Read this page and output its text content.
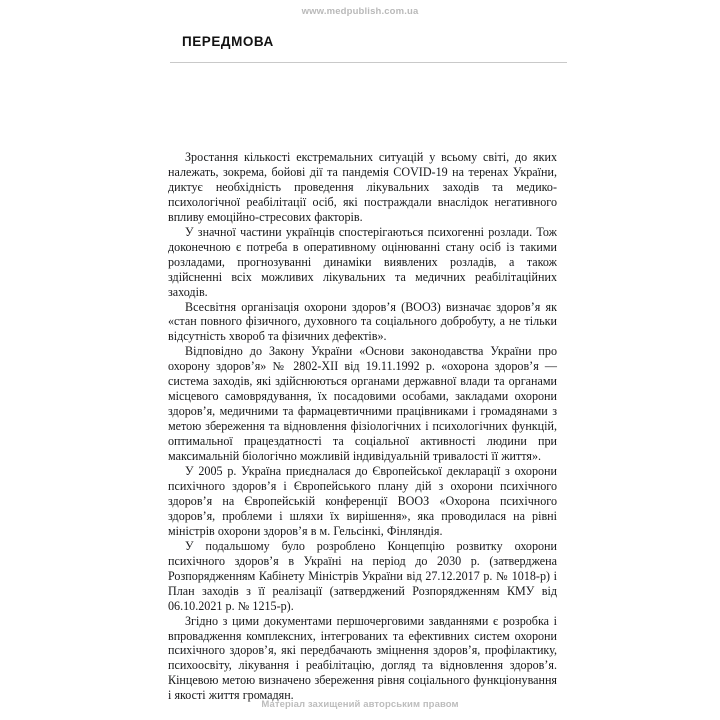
www.medpublish.com.ua
ПЕРЕДМОВА

Зростання кількості екстремальних ситуацій у всьому світі, до яких належать, зокрема, бойові дії та пандемія COVID-19 на теренах України, диктує необхідність проведення лікувальних заходів та медико-психологічної реабілітації осіб, які постраждали внаслідок негативного впливу емоційно-стресових факторів.

У значної частини українців спостерігаються психогенні розлади. Тож доконечною є потреба в оперативному оцінюванні стану осіб із такими розладами, прогнозуванні динаміки виявлених розладів, а також здійсненні всіх можливих лікувальних та медичних реабілітаційних заходів.

Всесвітня організація охорони здоров’я (ВООЗ) визначає здоров’я як «стан повного фізичного, духовного та соціального добробуту, а не тільки відсутність хвороб та фізичних дефектів».

Відповідно до Закону України «Основи законодавства України про охорону здоров’я» № 2802-XII від 19.11.1992 р. «охорона здоров’я — система заходів, які здійснюються органами державної влади та органами місцевого самоврядування, їх посадовими особами, закладами охорони здоров’я, медичними та фармацевтичними працівниками і громадянами з метою збереження та відновлення фізіологічних і психологічних функцій, оптимальної працездатності та соціальної активності людини при максимальній біологічно можливій індивідуальній тривалості її життя».

У 2005 р. Україна приєдналася до Європейської декларації з охорони психічного здоров’я і Європейського плану дій з охорони психічного здоров’я на Європейській конференції ВООЗ «Охорона психічного здоров’я, проблеми і шляхи їх вирішення», яка проводилася на рівні міністрів охорони здоров’я в м. Гельсінкі, Фінляндія.

У подальшому було розроблено Концепцію розвитку охорони психічного здоров’я в Україні на період до 2030 р. (затверджена Розпорядженням Кабінету Міністрів України від 27.12.2017 р. № 1018-р) і План заходів з її реалізації (затверджений Розпорядженням КМУ від 06.10.2021 р. № 1215-р).

Згідно з цими документами першочерговими завданнями є розробка і впровадження комплексних, інтегрованих та ефективних систем охорони психічного здоров’я, які передбачають зміцнення здоров’я, профілактику, психоосвіту, лікування і реабілітацію, догляд та відновлення здоров’я. Кінцевою метою визначено збереження рівня соціального функціонування і якості життя громадян.

Матеріал захищений авторським правом
